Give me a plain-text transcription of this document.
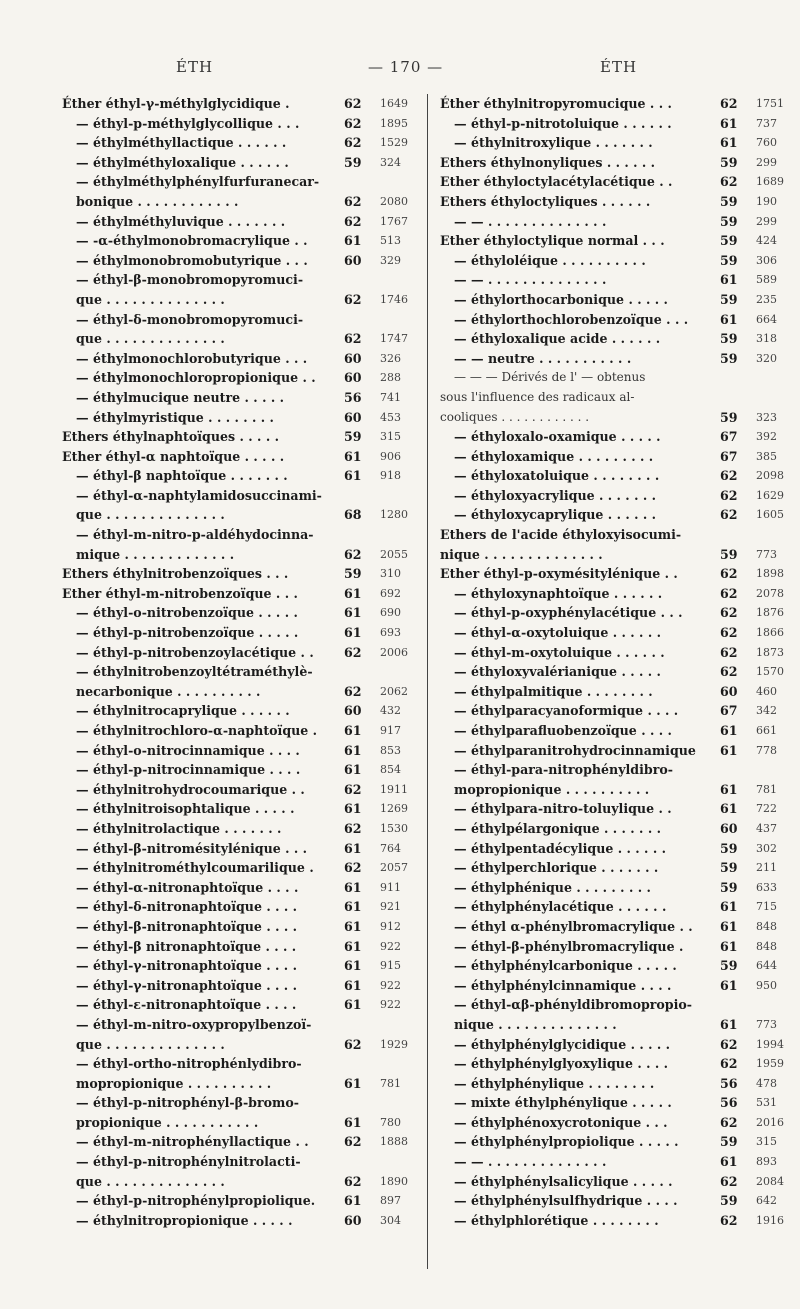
ÉTH	— 170 —	ÉTH
Éther éthyl-γ-méthylglycidique .	62 1649
— éthyl-p-méthylglycollique . . .	62 1895
— éthylméthyllactique . . . . . .	62 1529
— éthylméthyloxalique . . . . . .	59 324
— éthylméthylphénylfurfuranecar-
bonique . . . . . . . . . . . .	62 2080
— éthylméthyluvique . . . . . . .	62 1767
— -α-éthylmonobromacrylique . .	61 513
— éthylmonobromobutyrique . . .	60 329
— éthyl-β-monobromopyromuci-
que . . . . . . . . . . . . . .	62 1746
— éthyl-δ-monobromopyromuci-
que . . . . . . . . . . . . . .	62 1747
— éthylmonochlorobutyrique . . .	60 326
— éthylmonochloropropionique . .	60 288
— éthylmucique neutre . . . . .	56 741
— éthylmyristique . . . . . . . .	60 453
Ethers éthylnaphtoïques . . . . .	59 315
Ether éthyl-α naphtoïque . . . . .	61 906
— éthyl-β naphtoïque . . . . . . .	61 918
— éthyl-α-naphtylamidosuccinami-
que . . . . . . . . . . . . . .	68 1280
— éthyl-m-nitro-p-aldéhydocinna-
mique . . . . . . . . . . . . .	62 2055
Ethers éthylnitrobenzoïques . . .	59 310
Ether éthyl-m-nitrobenzoïque . . .	61 692
— éthyl-o-nitrobenzoïque . . . . .	61 690
— éthyl-p-nitrobenzoïque . . . . .	61 693
— éthyl-p-nitrobenzoylacétique . .	62 2006
— éthylnitrobenzoyltétraméthylè-
necarbonique . . . . . . . . . .	62 2062
— éthylnitrocaprylique . . . . . .	60 432
— éthylnitrochloro-α-naphtoïque .	61 917
— éthyl-o-nitrocinnamique . . . .	61 853
— éthyl-p-nitrocinnamique . . . .	61 854
— éthylnitrohydrocoumarique . .	62 1911
— éthylnitroisophtalique . . . . .	61 1269
— éthylnitrolactique . . . . . . .	62 1530
— éthyl-β-nitromésitylénique . . .	61 764
— éthylnitrométhylcoumarilique .	62 2057
— éthyl-α-nitronaphtoïque . . . .	61 911
— éthyl-δ-nitronaphtoïque . . . .	61 921
— éthyl-β-nitronaphtoïque . . . .	61 912
— éthyl-β nitronaphtoïque . . . .	61 922
— éthyl-γ-nitronaphtoïque . . . .	61 915
— éthyl-γ-nitronaphtoïque . . . .	61 922
— éthyl-ε-nitronaphtoïque . . . .	61 922
— éthyl-m-nitro-oxypropylbenzoï-
que . . . . . . . . . . . . . .	62 1929
— éthyl-ortho-nitrophénlydibro-
mopropionique . . . . . . . . . .	61 781
— éthyl-p-nitrophényl-β-bromo-
propionique . . . . . . . . . . .	61 780
— éthyl-m-nitrophényllactique . .	62 1888
— éthyl-p-nitrophénylnitrolacti-
que . . . . . . . . . . . . . .	62 1890
— éthyl-p-nitrophénylpropiolique.	61 897
— éthylnitropropionique . . . . .	60 304
Éther éthylnitropyromucique . . .	62 1751
— éthyl-p-nitrotoluique . . . . . .	61 737
— éthylnitroxylique . . . . . . .	61 760
Ethers éthylnonyliques . . . . . .	59 299
Ether éthyloctylacétylacétique . .	62 1689
Ethers éthyloctyliques . . . . . .	59 190
— — . . . . . . . . . . . . . .	59 299
Ether éthyloctylique normal . . .	59 424
— éthyloléique . . . . . . . . . .	59 306
— — . . . . . . . . . . . . . .	61 589
— éthylorthocarbonique . . . . .	59 235
— éthylorthochlorobenzoïque . . .	61 664
— éthyloxalique acide . . . . . .	59 318
— — neutre . . . . . . . . . . .	59 320
— — — Dérivés de l' — obtenus
sous l'influence des radicaux al-
cooliques . . . . . . . . . . . .	59 323
— éthyloxalo-oxamique . . . . .	67 392
— éthyloxamique . . . . . . . . .	67 385
— éthyloxatoluique . . . . . . . .	62 2098
— éthyloxyacrylique . . . . . . .	62 1629
— éthyloxycaprylique . . . . . .	62 1605
Ethers de l'acide éthyloxyisocumi-
nique . . . . . . . . . . . . . .	59 773
Ether éthyl-p-oxymésitylénique . .	62 1898
— éthyloxynaphtoïque . . . . . .	62 2078
— éthyl-p-oxyphénylacétique . . .	62 1876
— éthyl-α-oxytoluique . . . . . .	62 1866
— éthyl-m-oxytoluique . . . . . .	62 1873
— éthyloxyvalérianique . . . . .	62 1570
— éthylpalmitique . . . . . . . .	60 460
— éthylparacyanoformique . . . .	67 342
— éthylparafluobenzoïque . . . .	61 661
— éthylparanitrohydrocinnamique	61 778
— éthyl-para-nitrophényldibro-
mopropionique . . . . . . . . . .	61 781
— éthylpara-nitro-toluylique . .	61 722
— éthylpélargonique . . . . . . .	60 437
— éthylpentadécylique . . . . . .	59 302
— éthylperchlorique . . . . . . .	59 211
— éthylphénique . . . . . . . . .	59 633
— éthylphénylacétique . . . . . .	61 715
— éthyl α-phénylbromacrylique . .	61 848
— éthyl-β-phénylbromacrylique .	61 848
— éthylphénylcarbonique . . . . .	59 644
— éthylphénylcinnamique . . . .	61 950
— éthyl-αβ-phényldibromopropio-
nique . . . . . . . . . . . . . .	61 773
— éthylphénylglycidique . . . . .	62 1994
— éthylphénylglyoxylique . . . .	62 1959
— éthylphénylique . . . . . . . .	56 478
— mixte éthylphénylique . . . . .	56 531
— éthylphénoxycrotonique . . .	62 2016
— éthylphénylpropiolique . . . . .	59 315
— — . . . . . . . . . . . . . .	61 893
— éthylphénylsalicylique . . . . .	62 2084
— éthylphénylsulfhydrique . . . .	59 642
— éthylphlorétique . . . . . . . .	62 1916
